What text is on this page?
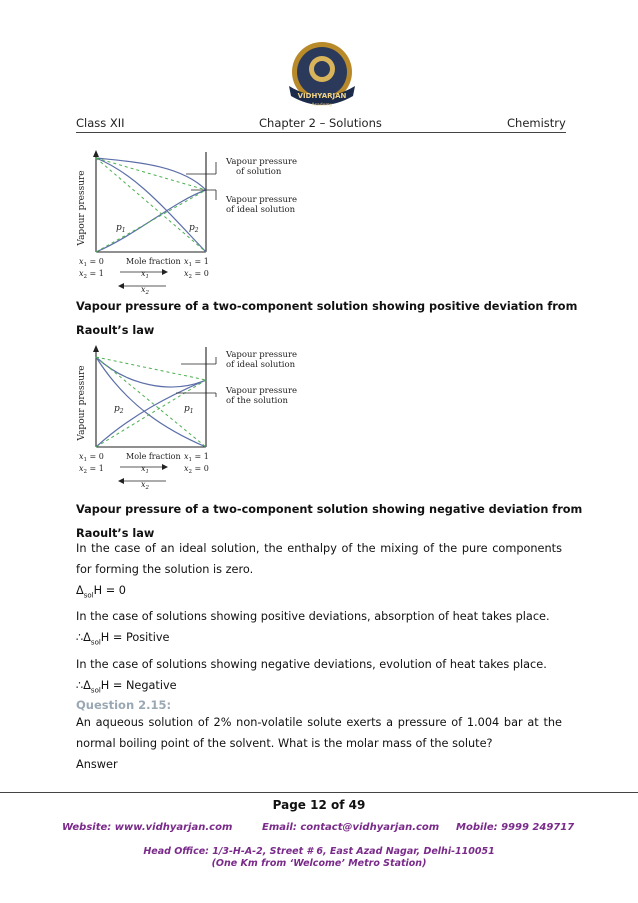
VIDHYARJAN
Academy
Class XII	Chapter 2 – Solutions	Chemistry
Vapour pressure
of solution
Vapour pressure
of ideal solution
Vapour pressure	$p_1$	$p_2$
$x_1 = 0$
$x_2 = 1$
Mole fraction $x_1 = 1$
$x_2 = 0$
$x_1$
$x_2$
Vapour pressure of a two-component solution showing positive deviation from
Raoult’s law
Vapour pressure
of ideal solution
Vapour pressure
of the solution
Vapour pressure	$p_2$	$p_1$
$x_1 = 0$
$x_2 = 1$
Mole fraction $x_1 = 1$
$x_2 = 0$
$x_1$
$x_2$
Vapour pressure of a two-component solution showing negative deviation from
Raoult’s law
In the case of an ideal solution, the enthalpy of the mixing of the pure components for forming the solution is zero.
$\Delta_{sol}H = 0$
In the case of solutions showing positive deviations, absorption of heat takes place.
$\therefore\Delta_{sol}H$ = Positive
In the case of solutions showing negative deviations, evolution of heat takes place.
$\therefore\Delta_{sol}H$ = Negative
Question 2.15:
An aqueous solution of 2% non-volatile solute exerts a pressure of 1.004 bar at the normal boiling point of the solvent. What is the molar mass of the solute?
Answer
Page 12 of 49
Website: www.vidhyarjan.com	Email: contact@vidhyarjan.com Mobile: 9999 249717
Head Office: 1/3-H-A-2, Street # 6, East Azad Nagar, Delhi-110051
(One Km from ‘Welcome’ Metro Station)
